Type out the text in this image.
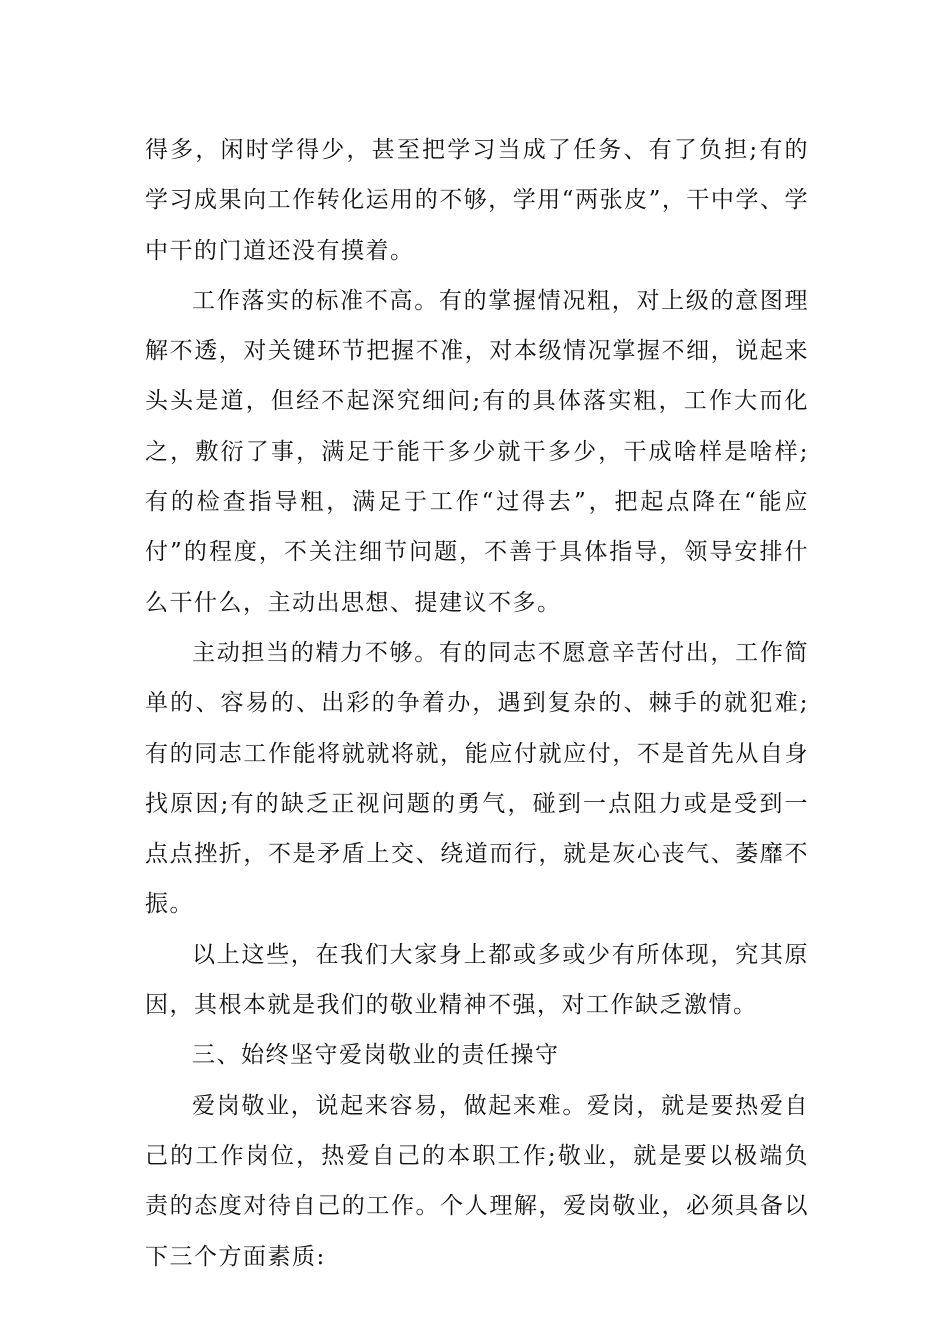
得多，闲时学得少，甚至把学习当成了任务、有了负担;有的学习成果向工作转化运用的不够，学用“两张皮”，干中学、学中干的门道还没有摸着。

工作落实的标准不高。有的掌握情况粗，对上级的意图理解不透，对关键环节把握不准，对本级情况掌握不细，说起来头头是道，但经不起深究细问;有的具体落实粗，工作大而化之，敷衍了事，满足于能干多少就干多少，干成啥样是啥样;有的检查指导粗，满足于工作“过得去”，把起点降在“能应付”的程度，不关注细节问题，不善于具体指导，领导安排什么干什么，主动出思想、提建议不多。

主动担当的精力不够。有的同志不愿意辛苦付出，工作简单的、容易的、出彩的争着办，遇到复杂的、棘手的就犯难;有的同志工作能将就就将就，能应付就应付，不是首先从自身找原因;有的缺乏正视问题的勇气，碰到一点阻力或是受到一点点挫折，不是矛盾上交、绕道而行，就是灰心丧气、萎靡不振。

以上这些，在我们大家身上都或多或少有所体现，究其原因，其根本就是我们的敬业精神不强，对工作缺乏激情。

三、始终坚守爱岗敬业的责任操守

爱岗敬业，说起来容易，做起来难。爱岗，就是要热爱自己的工作岗位，热爱自己的本职工作;敬业，就是要以极端负责的态度对待自己的工作。个人理解，爱岗敬业，必须具备以下三个方面素质:
